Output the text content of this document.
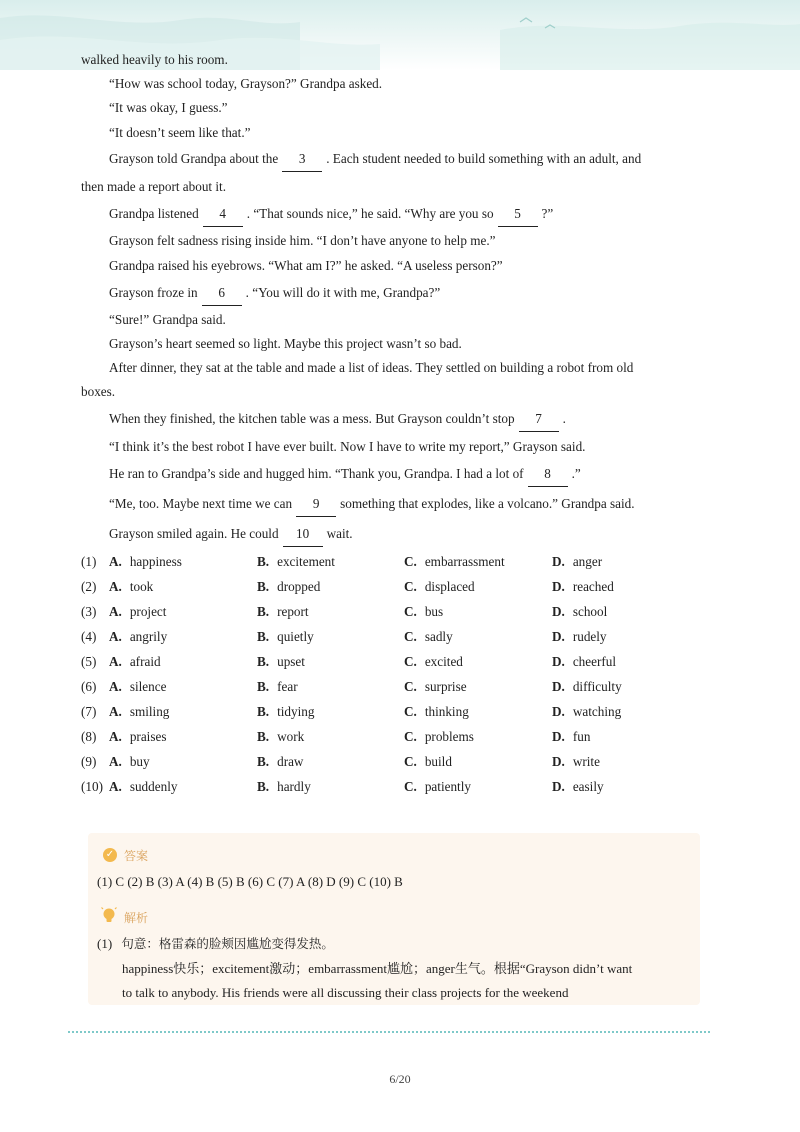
walked heavily to his room.
“How was school today, Grayson?” Grandpa asked.
“It was okay, I guess.”
“It doesn’t seem like that.”
Grayson told Grandpa about the 3 . Each student needed to build something with an adult, and
then made a report about it.
Grandpa listened 4 . “That sounds nice,” he said. “Why are you so 5 ?”
Grayson felt sadness rising inside him. “I don’t have anyone to help me.”
Grandpa raised his eyebrows. “What am I?” he asked. “A useless person?”
Grayson froze in 6 . “You will do it with me, Grandpa?”
“Sure!” Grandpa said.
Grayson’s heart seemed so light. Maybe this project wasn’t so bad.
After dinner, they sat at the table and made a list of ideas. They settled on building a robot from old
boxes.
When they finished, the kitchen table was a mess. But Grayson couldn’t stop 7 .
“I think it’s the best robot I have ever built. Now I have to write my report,” Grayson said.
He ran to Grandpa’s side and hugged him. “Thank you, Grandpa. I had a lot of 8 .”
“Me, too. Maybe next time we can 9 something that explodes, like a volcano.” Grandpa said.
Grayson smiled again. He could 10 wait.
(1) A. happiness	B. excitement	C. embarrassment	D. anger
(2) A. took	B. dropped	C. displaced	D. reached
(3) A. project	B. report	C. bus	D. school
(4) A. angrily	B. quietly	C. sadly	D. rudely
(5) A. afraid	B. upset	C. excited	D. cheerful
(6) A. silence	B. fear	C. surprise	D. difficulty
(7) A. smiling	B. tidying	C. thinking	D. watching
(8) A. praises	B. work	C. problems	D. fun
(9) A. buy	B. draw	C. build	D. write
(10) A. suddenly	B. hardly	C. patiently	D. easily
✓ 答案
(1) C (2) B (3) A (4) B (5) B (6) C (7) A (8) D (9) C (10) B
解析
(1) 句意：格雷森的脸颊因尴尬变得发热。
happiness快乐；excitement激动；embarrassment尴尬；anger生气。根据“Grayson didn’t want
to talk to anybody. His friends were all discussing their class projects for the weekend
6/20
